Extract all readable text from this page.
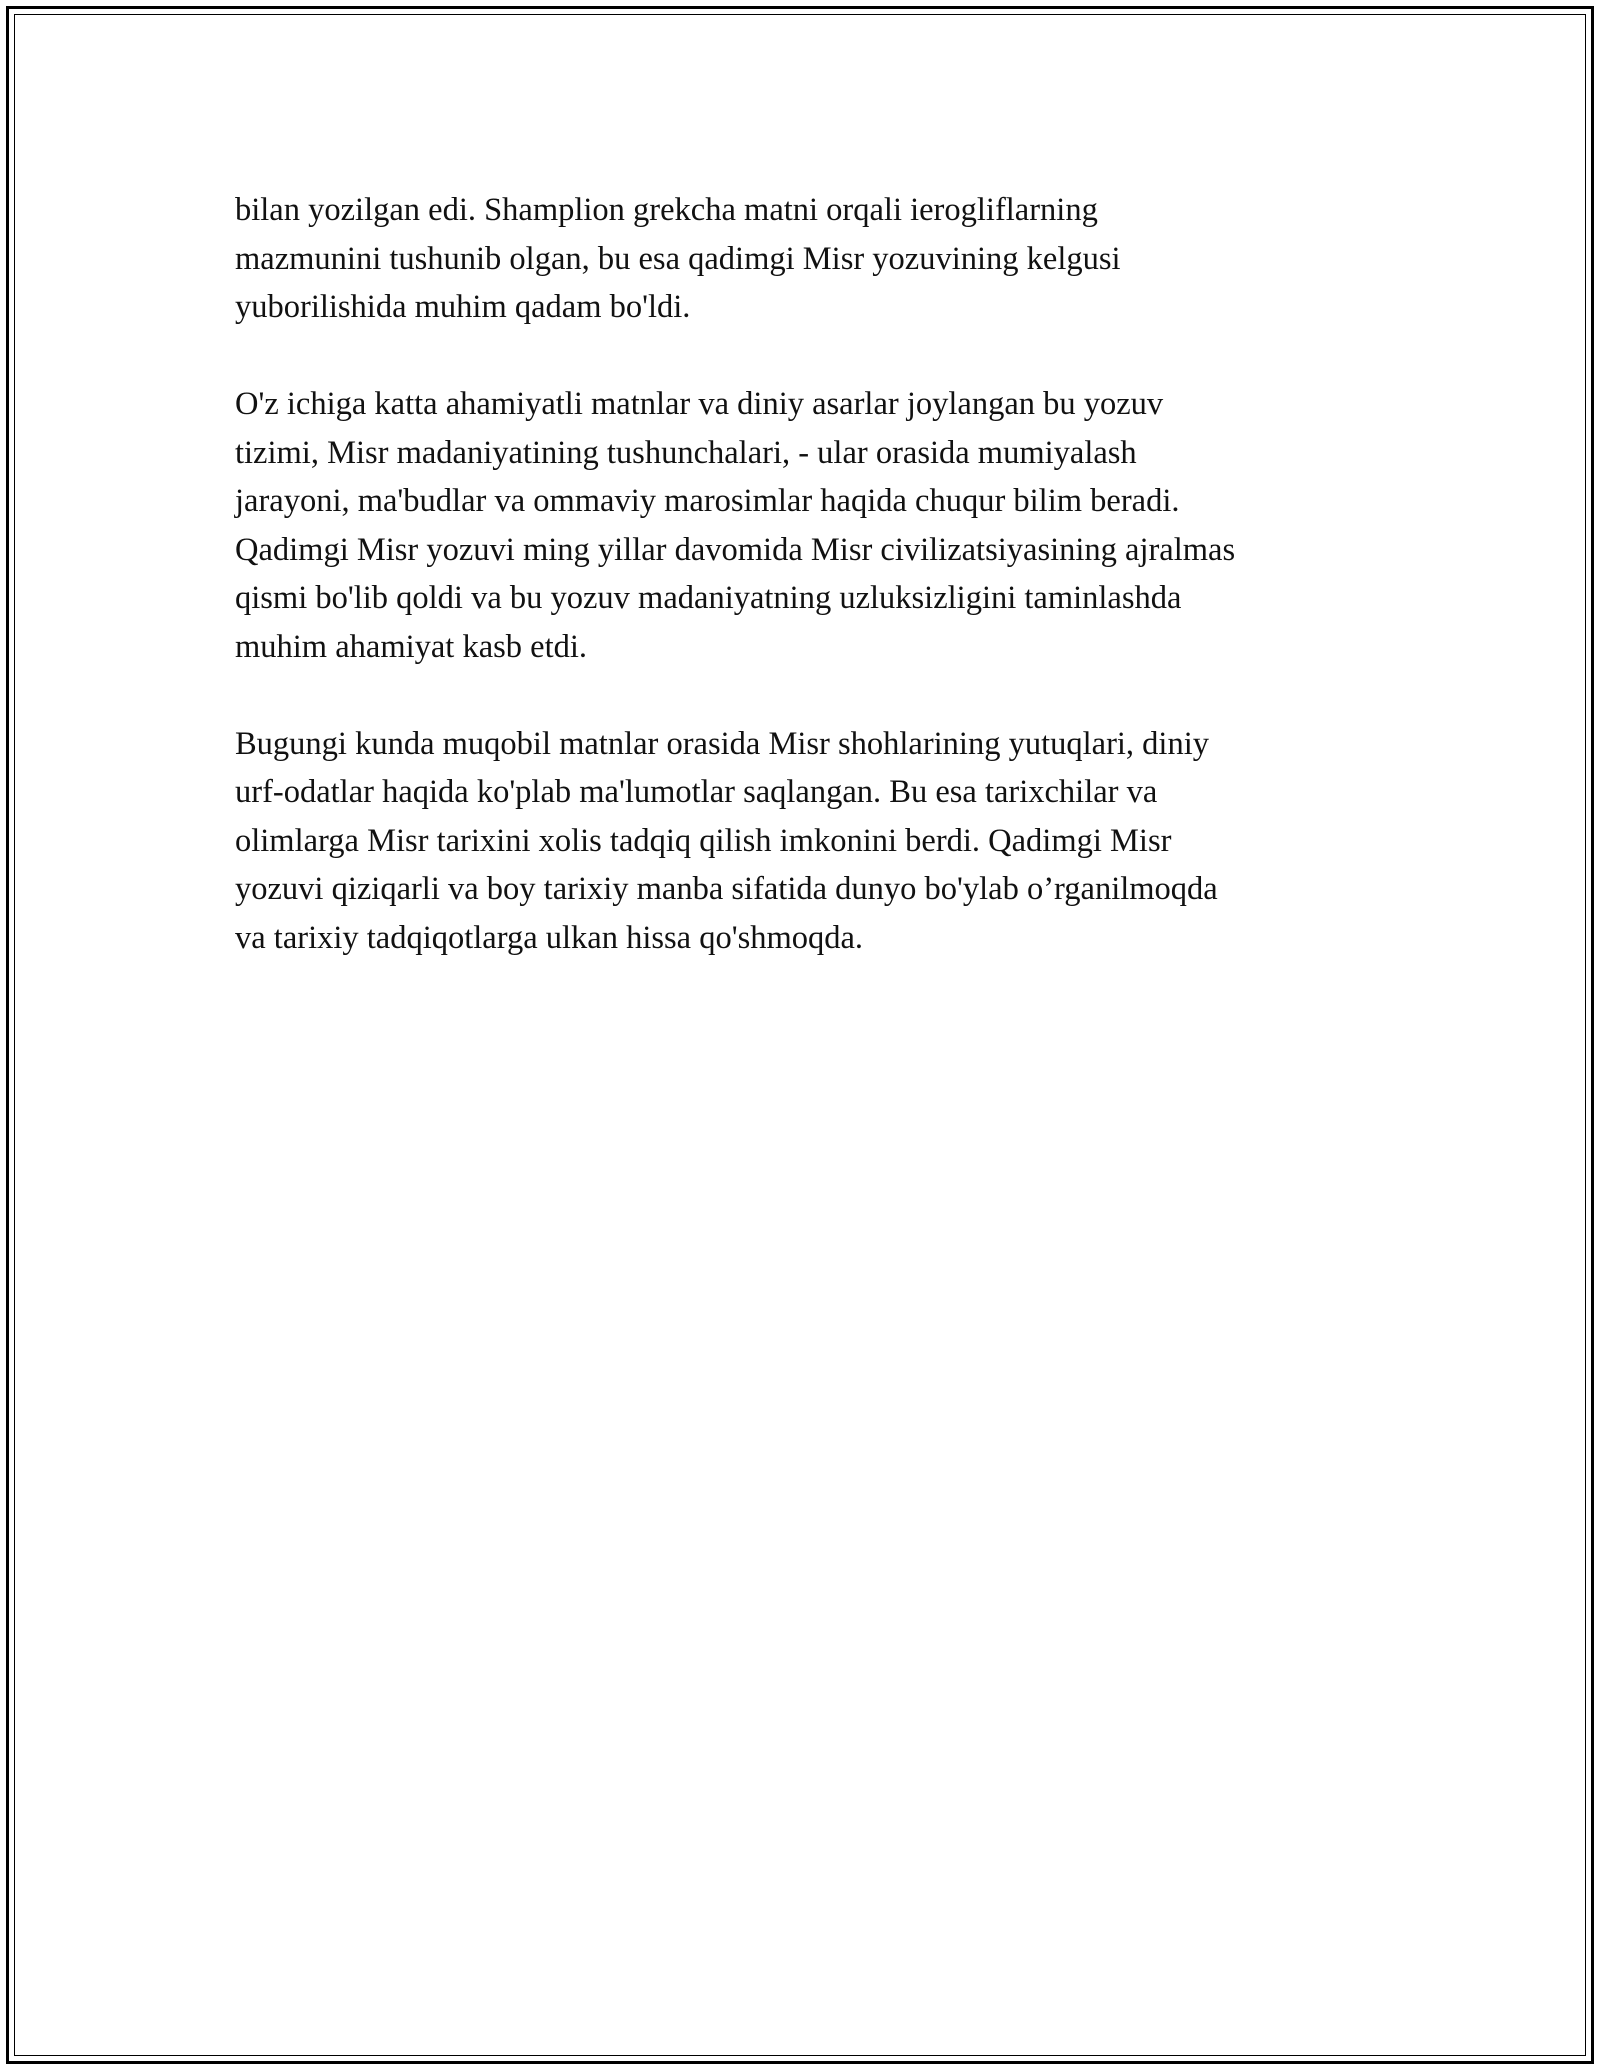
bilan yozilgan edi. Shamplion grekcha matni orqali ierogliflarning
mazmunini tushunib olgan, bu esa qadimgi Misr yozuvining kelgusi
yuborilishida muhim qadam bo'ldi.

O'z ichiga katta ahamiyatli matnlar va diniy asarlar joylangan bu yozuv
tizimi, Misr madaniyatining tushunchalari, - ular orasida mumiyalash
jarayoni, ma'budlar va ommaviy marosimlar haqida chuqur bilim beradi.
Qadimgi Misr yozuvi ming yillar davomida Misr civilizatsiyasining ajralmas
qismi bo'lib qoldi va bu yozuv madaniyatning uzluksizligini taminlashda
muhim ahamiyat kasb etdi.

Bugungi kunda muqobil matnlar orasida Misr shohlarining yutuqlari, diniy
urf-odatlar haqida ko'plab ma'lumotlar saqlangan. Bu esa tarixchilar va
olimlarga Misr tarixini xolis tadqiq qilish imkonini berdi. Qadimgi Misr
yozuvi qiziqarli va boy tarixiy manba sifatida dunyo bo'ylab o’rganilmoqda
va tarixiy tadqiqotlarga ulkan hissa qo'shmoqda.
